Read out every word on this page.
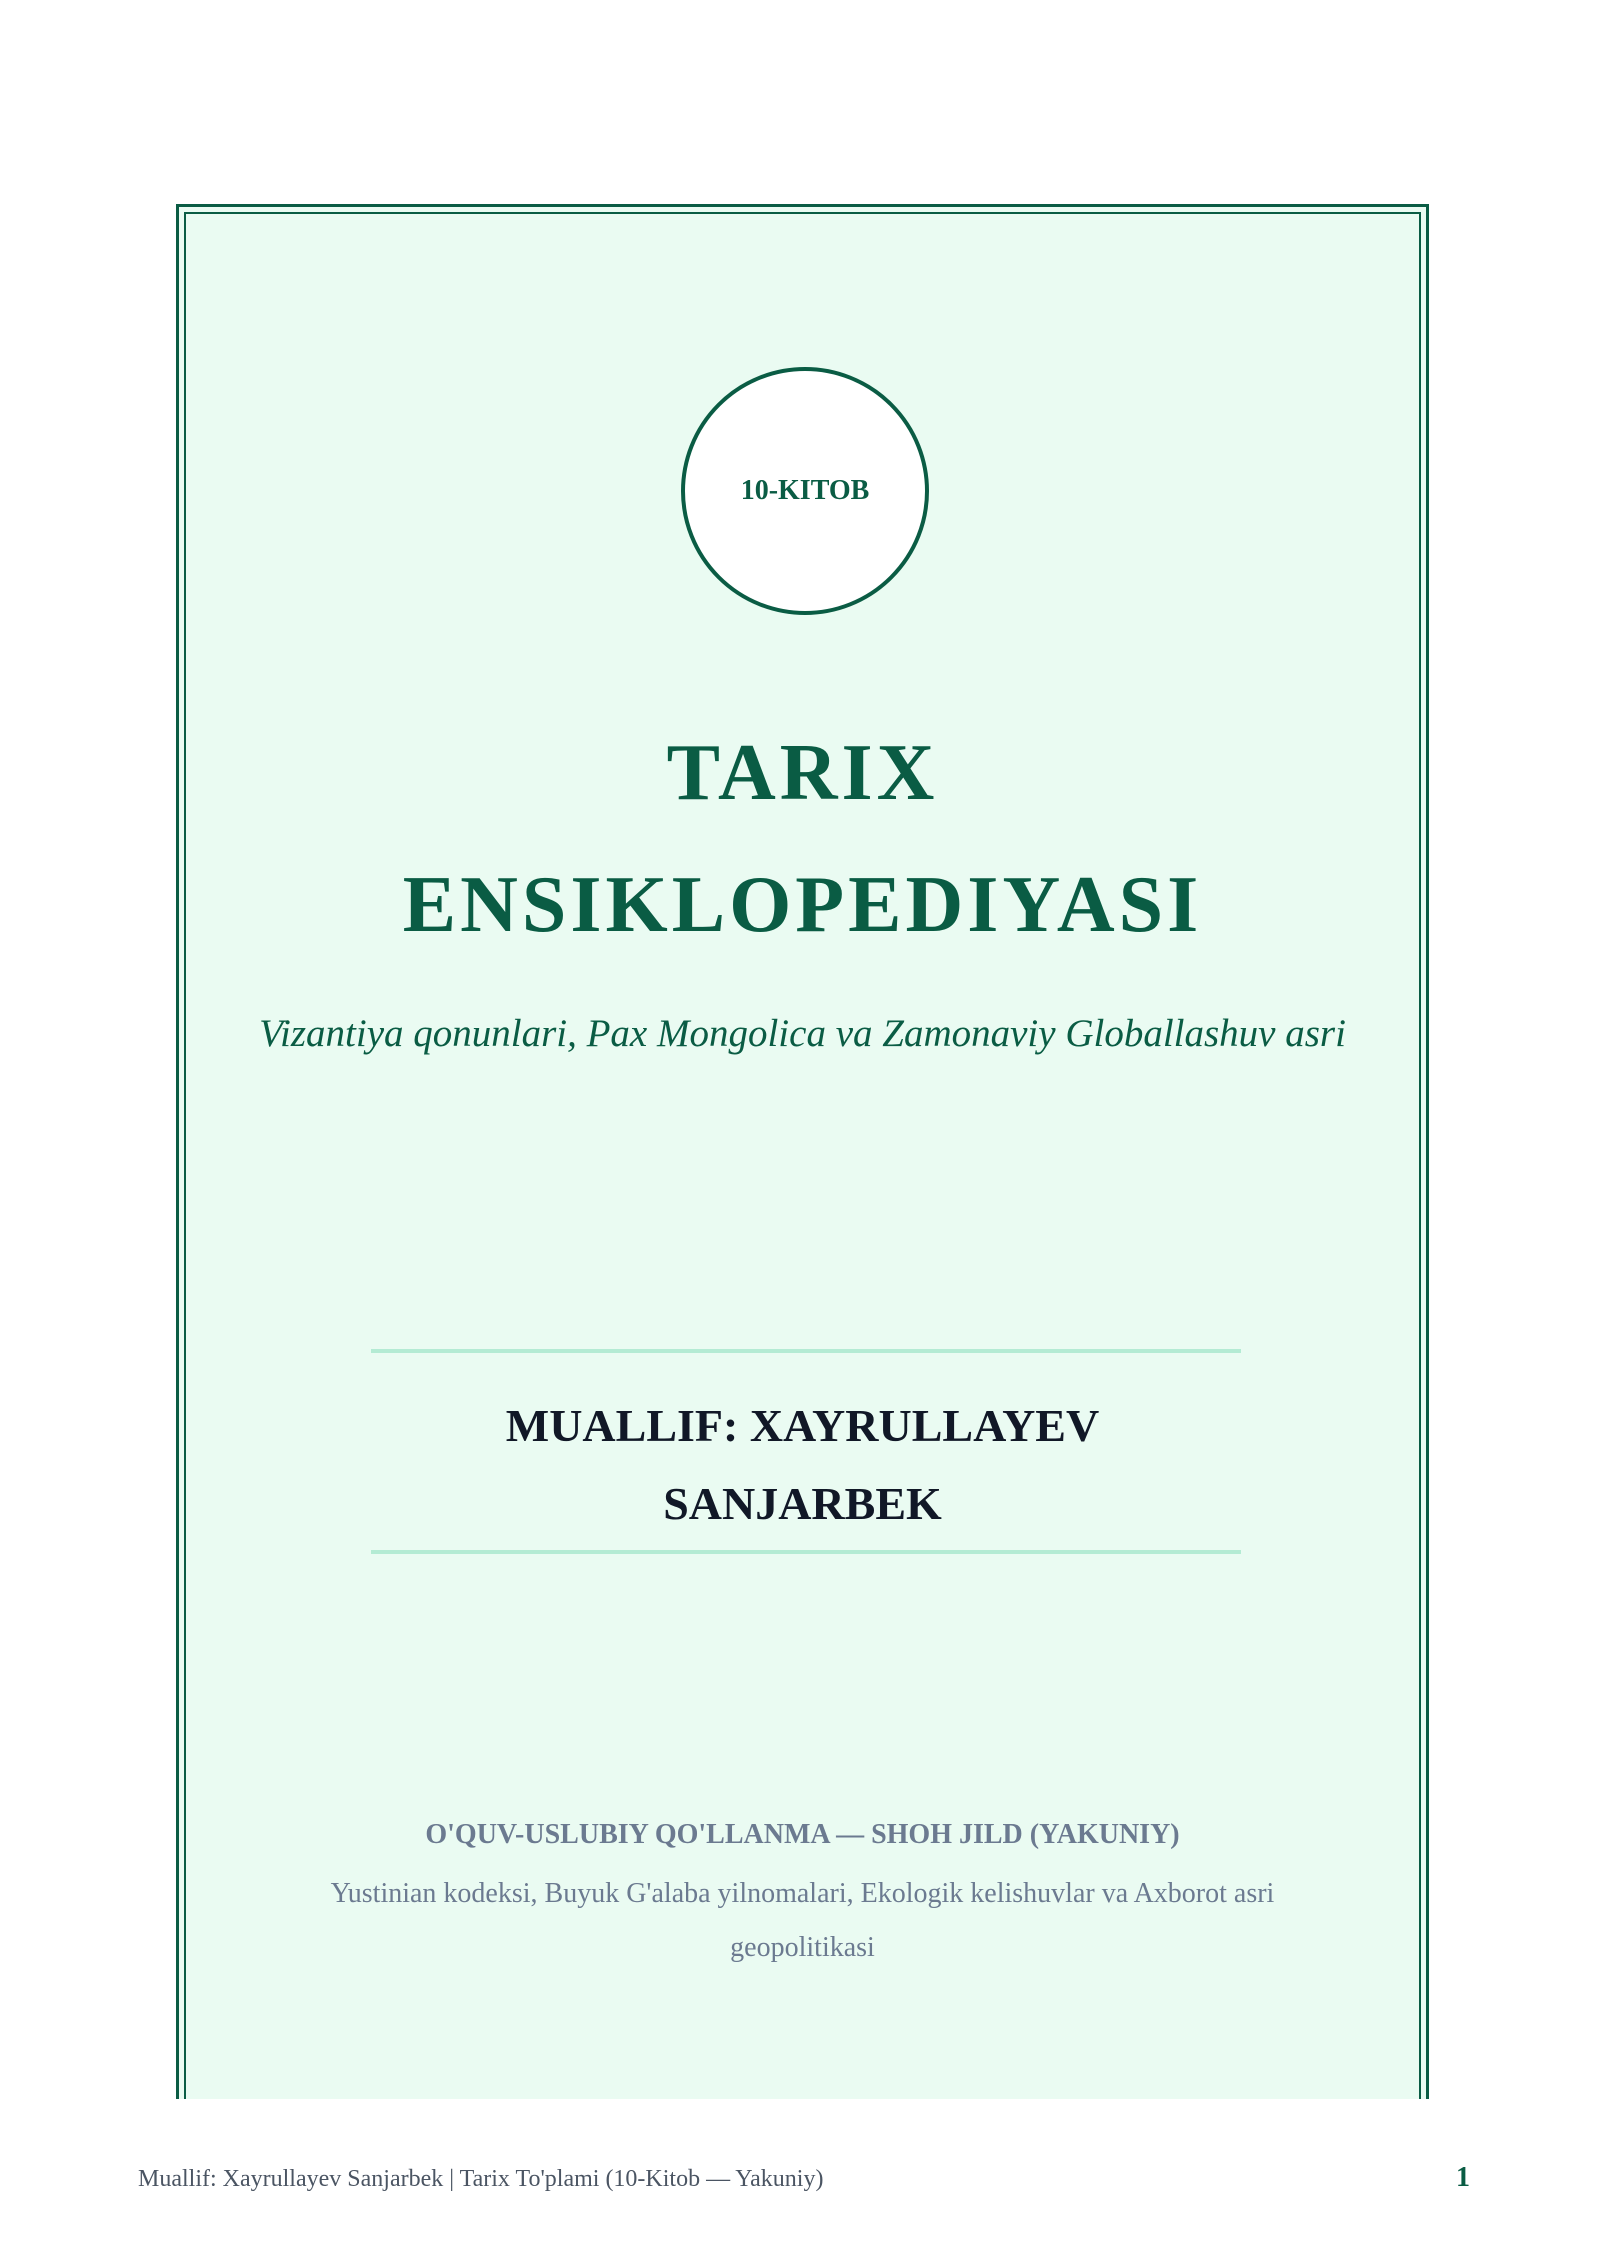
10-KITOB
TARIX
ENSIKLOPEDIYASI

Vizantiya qonunlari, Pax Mongolica va Zamonaviy Globallashuv asri

MUALLIF: XAYRULLAYEV
SANJARBEK
O'QUV-USLUBIY QO'LLANMA — SHOH JILD (YAKUNIY)
Yustinian kodeksi, Buyuk G'alaba yilnomalari, Ekologik kelishuvlar va Axborot asri geopolitikasi
Muallif: Xayrullayev Sanjarbek | Tarix To'plami (10-Kitob — Yakuniy)	1
